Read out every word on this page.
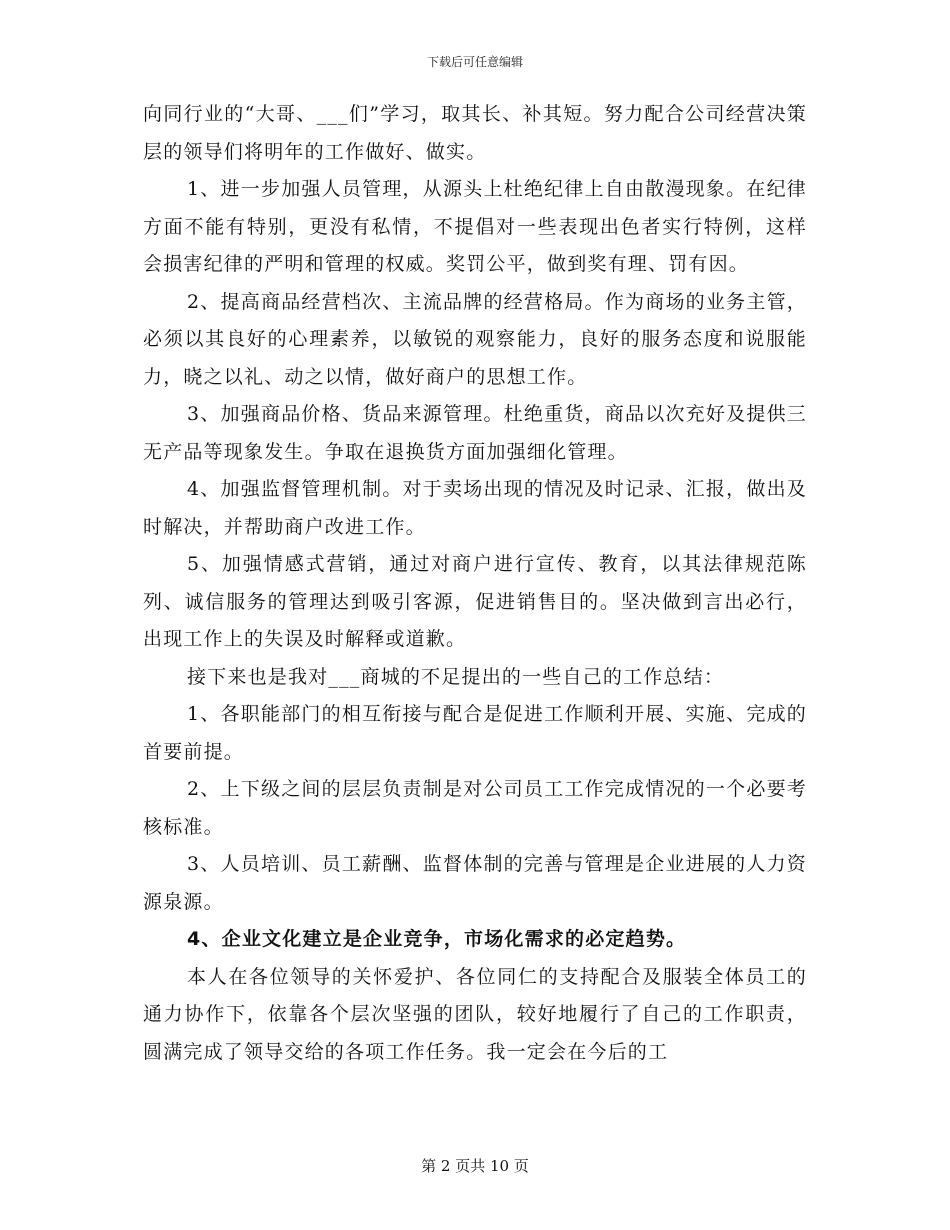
下载后可任意编辑

向同行业的“大哥、___们”学习，取其长、补其短。努力配合公司经营决策层的领导们将明年的工作做好、做实。

1、进一步加强人员管理，从源头上杜绝纪律上自由散漫现象。在纪律方面不能有特别，更没有私情，不提倡对一些表现出色者实行特例，这样会损害纪律的严明和管理的权威。奖罚公平，做到奖有理、罚有因。

2、提高商品经营档次、主流品牌的经营格局。作为商场的业务主管，必须以其良好的心理素养，以敏锐的观察能力，良好的服务态度和说服能力，晓之以礼、动之以情，做好商户的思想工作。

3、加强商品价格、货品来源管理。杜绝重货，商品以次充好及提供三无产品等现象发生。争取在退换货方面加强细化管理。

4、加强监督管理机制。对于卖场出现的情况及时记录、汇报，做出及时解决，并帮助商户改进工作。

5、加强情感式营销，通过对商户进行宣传、教育，以其法律规范陈列、诚信服务的管理达到吸引客源，促进销售目的。坚决做到言出必行，出现工作上的失误及时解释或道歉。

接下来也是我对___商城的不足提出的一些自己的工作总结：

1、各职能部门的相互衔接与配合是促进工作顺利开展、实施、完成的首要前提。

2、上下级之间的层层负责制是对公司员工工作完成情况的一个必要考核标准。

3、人员培训、员工薪酬、监督体制的完善与管理是企业进展的人力资源泉源。

4、企业文化建立是企业竞争，市场化需求的必定趋势。

本人在各位领导的关怀爱护、各位同仁的支持配合及服装全体员工的通力协作下，依靠各个层次坚强的团队，较好地履行了自己的工作职责，圆满完成了领导交给的各项工作任务。我一定会在今后的工

第 2 页共 10 页
